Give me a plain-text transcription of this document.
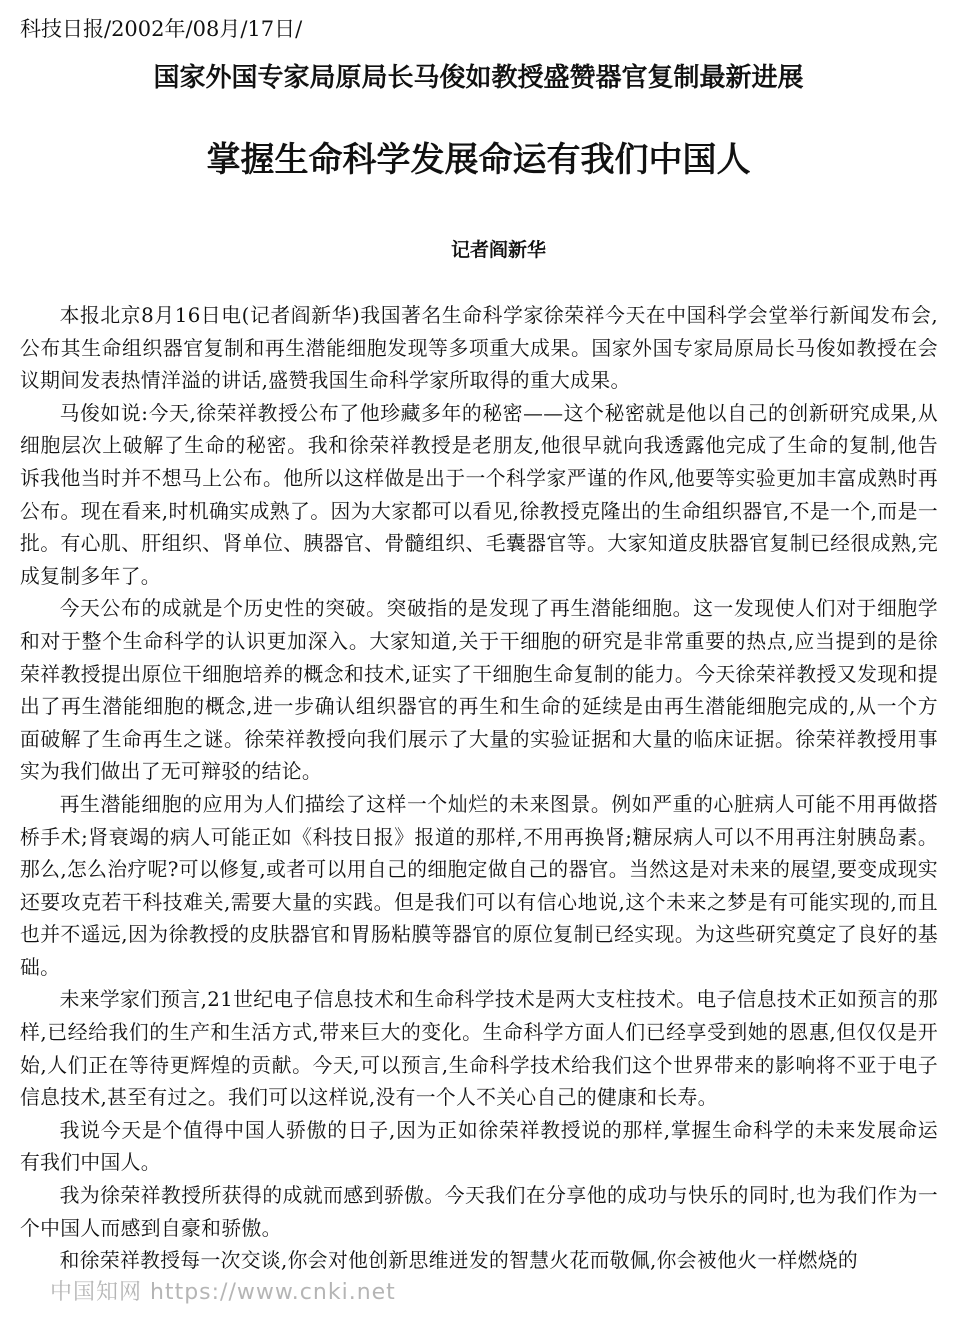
科技日报/2002年/08月/17日/
国家外国专家局原局长马俊如教授盛赞器官复制最新进展
掌握生命科学发展命运有我们中国人
记者阎新华

本报北京8月16日电(记者阎新华)我国著名生命科学家徐荣祥今天在中国科学会堂举行新闻发布会,公布其生命组织器官复制和再生潜能细胞发现等多项重大成果。国家外国专家局原局长马俊如教授在会议期间发表热情洋溢的讲话,盛赞我国生命科学家所取得的重大成果。

马俊如说:今天,徐荣祥教授公布了他珍藏多年的秘密——这个秘密就是他以自己的创新研究成果,从细胞层次上破解了生命的秘密。我和徐荣祥教授是老朋友,他很早就向我透露他完成了生命的复制,他告诉我他当时并不想马上公布。他所以这样做是出于一个科学家严谨的作风,他要等实验更加丰富成熟时再公布。现在看来,时机确实成熟了。因为大家都可以看见,徐教授克隆出的生命组织器官,不是一个,而是一批。有心肌、肝组织、肾单位、胰器官、骨髓组织、毛囊器官等。大家知道皮肤器官复制已经很成熟,完成复制多年了。

今天公布的成就是个历史性的突破。突破指的是发现了再生潜能细胞。这一发现使人们对于细胞学和对于整个生命科学的认识更加深入。大家知道,关于干细胞的研究是非常重要的热点,应当提到的是徐荣祥教授提出原位干细胞培养的概念和技术,证实了干细胞生命复制的能力。今天徐荣祥教授又发现和提出了再生潜能细胞的概念,进一步确认组织器官的再生和生命的延续是由再生潜能细胞完成的,从一个方面破解了生命再生之谜。徐荣祥教授向我们展示了大量的实验证据和大量的临床证据。徐荣祥教授用事实为我们做出了无可辩驳的结论。

再生潜能细胞的应用为人们描绘了这样一个灿烂的未来图景。例如严重的心脏病人可能不用再做搭桥手术;肾衰竭的病人可能正如《科技日报》报道的那样,不用再换肾;糖尿病人可以不用再注射胰岛素。那么,怎么治疗呢?可以修复,或者可以用自己的细胞定做自己的器官。当然这是对未来的展望,要变成现实还要攻克若干科技难关,需要大量的实践。但是我们可以有信心地说,这个未来之梦是有可能实现的,而且也并不遥远,因为徐教授的皮肤器官和胃肠粘膜等器官的原位复制已经实现。为这些研究奠定了良好的基础。

未来学家们预言,21世纪电子信息技术和生命科学技术是两大支柱技术。电子信息技术正如预言的那样,已经给我们的生产和生活方式,带来巨大的变化。生命科学方面人们已经享受到她的恩惠,但仅仅是开始,人们正在等待更辉煌的贡献。今天,可以预言,生命科学技术给我们这个世界带来的影响将不亚于电子信息技术,甚至有过之。我们可以这样说,没有一个人不关心自己的健康和长寿。

我说今天是个值得中国人骄傲的日子,因为正如徐荣祥教授说的那样,掌握生命科学的未来发展命运有我们中国人。

我为徐荣祥教授所获得的成就而感到骄傲。今天我们在分享他的成功与快乐的同时,也为我们作为一个中国人而感到自豪和骄傲。

和徐荣祥教授每一次交谈,你会对他创新思维迸发的智慧火花而敬佩,你会被他火一样燃烧的

中国知网 https://www.cnki.net
